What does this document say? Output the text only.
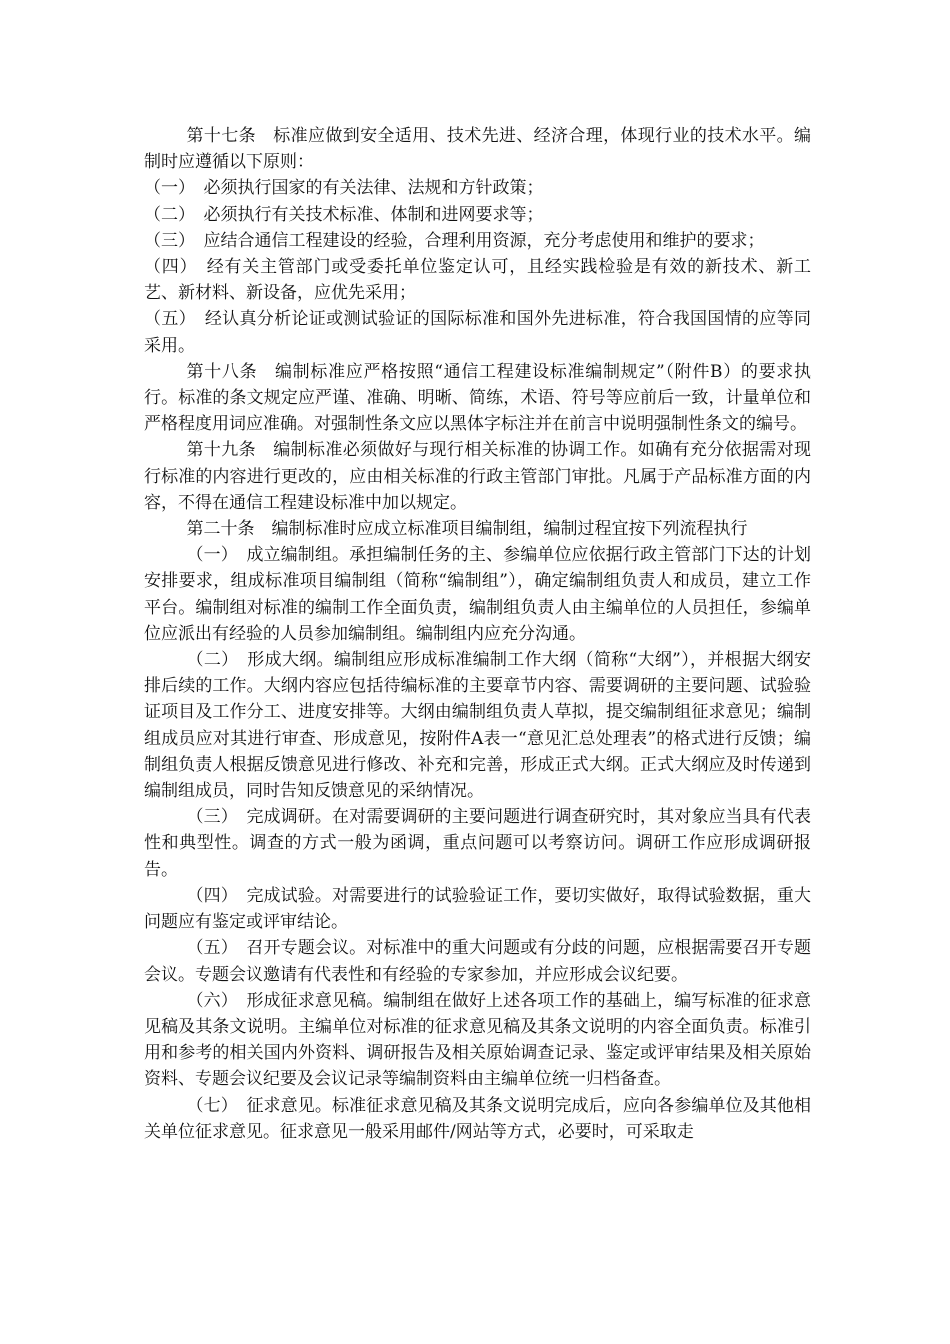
第十七条　标准应做到安全适用、技术先进、经济合理，体现行业的技术水平。编制时应遵循以下原则：

（一）　必须执行国家的有关法律、法规和方针政策；

（二）　必须执行有关技术标准、体制和进网要求等；

（三）　应结合通信工程建设的经验，合理利用资源，充分考虑使用和维护的要求；

（四）　经有关主管部门或受委托单位鉴定认可，且经实践检验是有效的新技术、新工艺、新材料、新设备，应优先采用；

（五）　经认真分析论证或测试验证的国际标准和国外先进标准，符合我国国情的应等同采用。

第十八条　编制标准应严格按照“通信工程建设标准编制规定”（附件B）的要求执行。标准的条文规定应严谨、准确、明晰、简练，术语、符号等应前后一致，计量单位和严格程度用词应准确。对强制性条文应以黑体字标注并在前言中说明强制性条文的编号。

第十九条　编制标准必须做好与现行相关标准的协调工作。如确有充分依据需对现行标准的内容进行更改的，应由相关标准的行政主管部门审批。凡属于产品标准方面的内容，不得在通信工程建设标准中加以规定。

第二十条　编制标准时应成立标准项目编制组，编制过程宜按下列流程执行

（一）　成立编制组。承担编制任务的主、参编单位应依据行政主管部门下达的计划安排要求，组成标准项目编制组（简称“编制组”），确定编制组负责人和成员，建立工作平台。编制组对标准的编制工作全面负责，编制组负责人由主编单位的人员担任，参编单位应派出有经验的人员参加编制组。编制组内应充分沟通。

（二）　形成大纲。编制组应形成标准编制工作大纲（简称“大纲”），并根据大纲安排后续的工作。大纲内容应包括待编标准的主要章节内容、需要调研的主要问题、试验验证项目及工作分工、进度安排等。大纲由编制组负责人草拟，提交编制组征求意见；编制组成员应对其进行审查、形成意见，按附件A表一“意见汇总处理表”的格式进行反馈；编制组负责人根据反馈意见进行修改、补充和完善，形成正式大纲。正式大纲应及时传递到编制组成员，同时告知反馈意见的采纳情况。

（三）　完成调研。在对需要调研的主要问题进行调查研究时，其对象应当具有代表性和典型性。调查的方式一般为函调，重点问题可以考察访问。调研工作应形成调研报告。

（四）　完成试验。对需要进行的试验验证工作，要切实做好，取得试验数据，重大问题应有鉴定或评审结论。

（五）　召开专题会议。对标准中的重大问题或有分歧的问题，应根据需要召开专题会议。专题会议邀请有代表性和有经验的专家参加，并应形成会议纪要。

（六）　形成征求意见稿。编制组在做好上述各项工作的基础上，编写标准的征求意见稿及其条文说明。主编单位对标准的征求意见稿及其条文说明的内容全面负责。标准引用和参考的相关国内外资料、调研报告及相关原始调查记录、鉴定或评审结果及相关原始资料、专题会议纪要及会议记录等编制资料由主编单位统一归档备查。

（七）　征求意见。标准征求意见稿及其条文说明完成后，应向各参编单位及其他相关单位征求意见。征求意见一般采用邮件/网站等方式，必要时，可采取走
